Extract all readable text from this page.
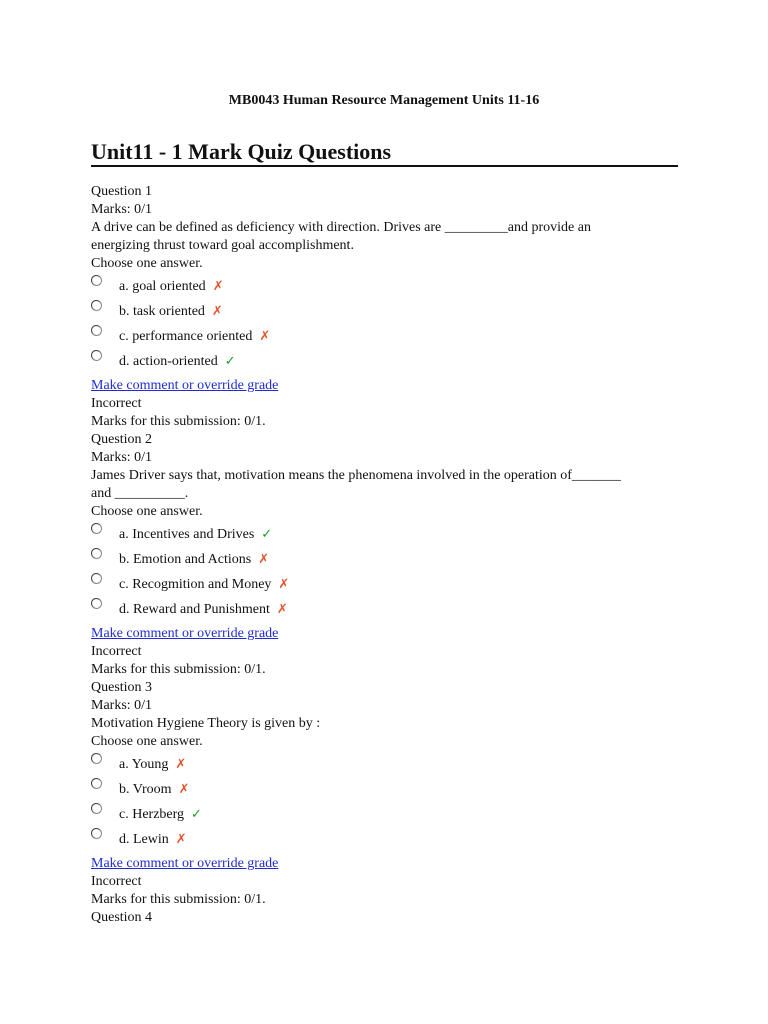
MB0043 Human Resource Management Units 11-16
Unit11 - 1 Mark Quiz Questions
Question 1
Marks: 0/1
A drive can be defined as deficiency with direction. Drives are _________and provide an
energizing thrust toward goal accomplishment.
Choose one answer.
a. goal oriented ✗
b. task oriented ✗
c. performance oriented ✗
d. action-oriented ✓
Make comment or override grade
Incorrect
Marks for this submission: 0/1.
Question 2
Marks: 0/1
James Driver says that, motivation means the phenomena involved in the operation of_______
and __________.
Choose one answer.
a. Incentives and Drives ✓
b. Emotion and Actions ✗
c. Recogmition and Money ✗
d. Reward and Punishment ✗
Make comment or override grade
Incorrect
Marks for this submission: 0/1.
Question 3
Marks: 0/1
Motivation Hygiene Theory is given by :
Choose one answer.
a. Young ✗
b. Vroom ✗
c. Herzberg ✓
d. Lewin ✗
Make comment or override grade
Incorrect
Marks for this submission: 0/1.
Question 4
